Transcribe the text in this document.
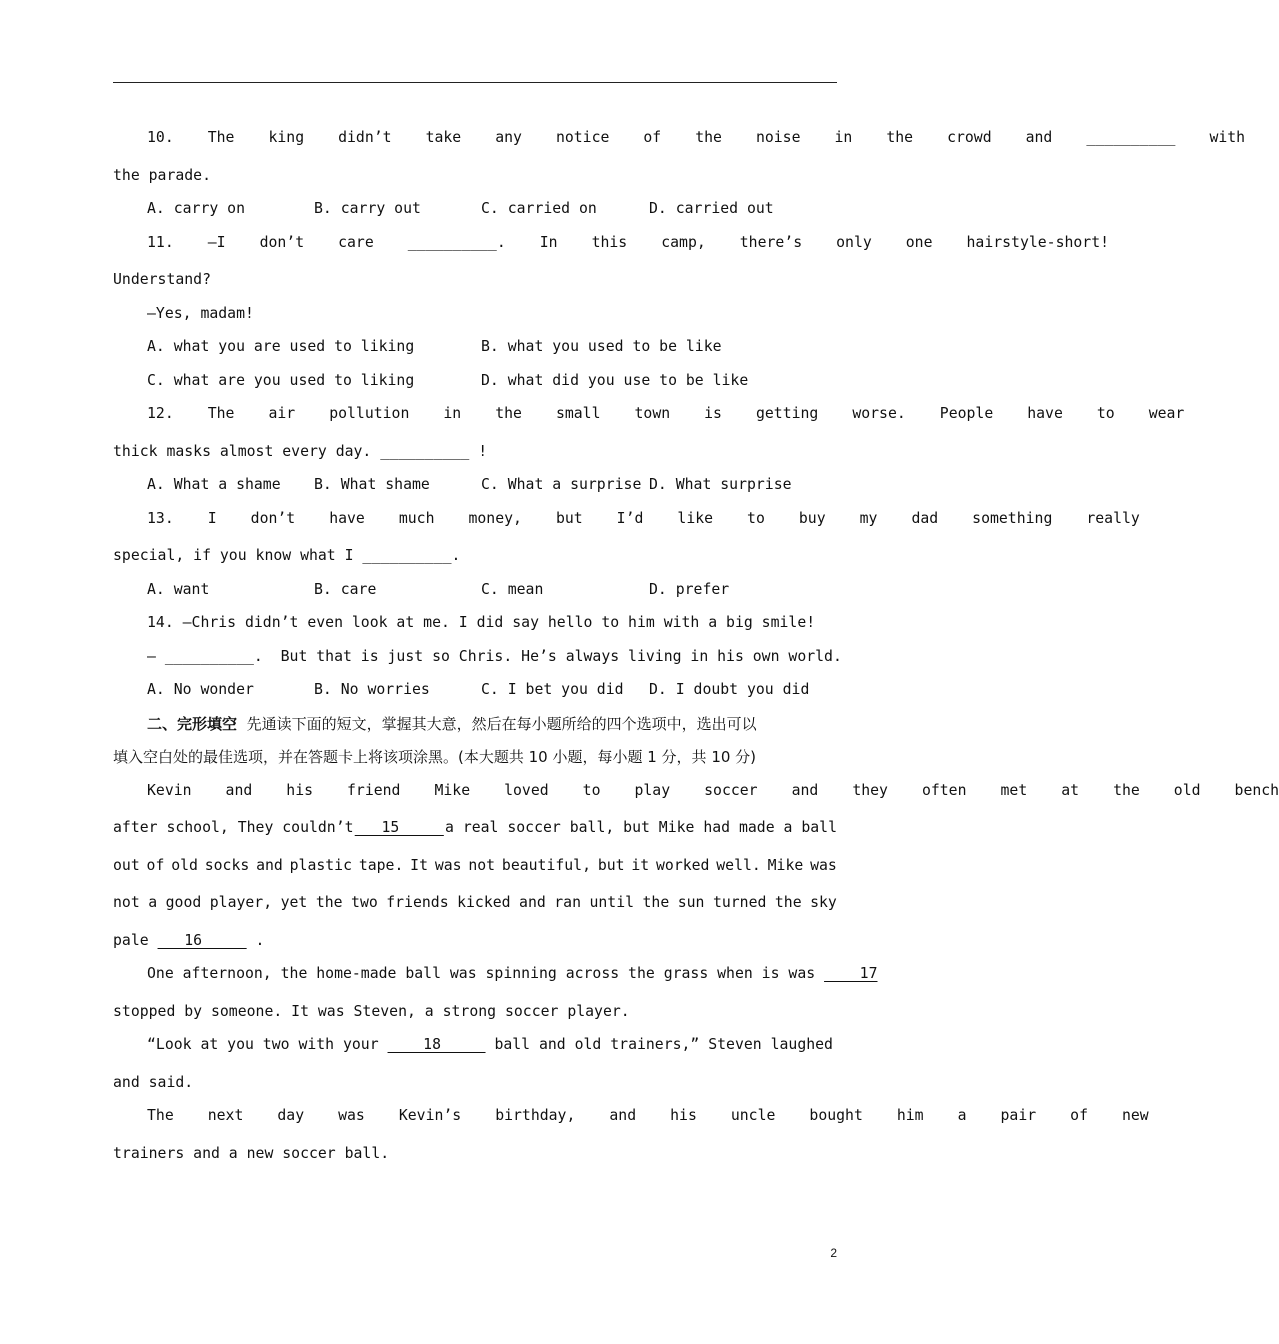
10.	The	king	didn’t	take	any	notice	of	the	noise	in	the	crowd	and	__________	with
the parade.

A. carry on

	B. carry out

	C. carried on

	D. carried out

11.	—I	don’t	care	__________.	In	this	camp,	there’s	only	one	hairstyle-short!
Understand?
—Yes, madam!

A. what you are used to liking

	B. what you used to be like

C. what are you used to liking

	D. what did you use to be like

12.	The	air	pollution	in	the	small	town	is	getting	worse.	People	have	to	wear
thick masks almost every day. __________ !

A. What a shame

B. What shame

	C. What a surprise

D. What surprise

13.	I	don’t	have	much	money,	but	I’d	like	to	buy	my	dad	something	really
special, if you know what I __________.

A. want

	B. care

	C. mean

	D. prefer

14. —Chris didn’t even look at me. I did say hello to him with a big smile!
— __________.  But that is just so Chris. He’s always living in his own world.

A. No wonder

	B. No worries

	C. I bet you did

D. I doubt you did

二、完形填空 先通读下面的短文，掌握其大意，然后在每小题所给的四个选项中，选出可以
填入空白处的最佳选项，并在答题卡上将该项涂黑。(本大题共 10 小题，每小题 1 分，共 10 分)
Kevin	and	his	friend	Mike	loved	to	play	soccer	and	they	often	met	at	the	old	bench
after school, They couldn’t 15 a real soccer ball, but Mike had made a ball
out of old socks and plastic tape. It was not beautiful, but it worked well. Mike was
not a good player, yet the two friends kicked and ran until the sun turned the sky
pale    16      .
One afternoon, the home-made ball was spinning across the grass when is was     17
stopped by someone. It was Steven, a strong soccer player.
“Look at you two with your     18      ball and old trainers,” Steven laughed
and said.
The	next	day	was	Kevin’s	birthday,	and	his	uncle	bought	him	a	pair	of	new
trainers and a new soccer ball.
2
